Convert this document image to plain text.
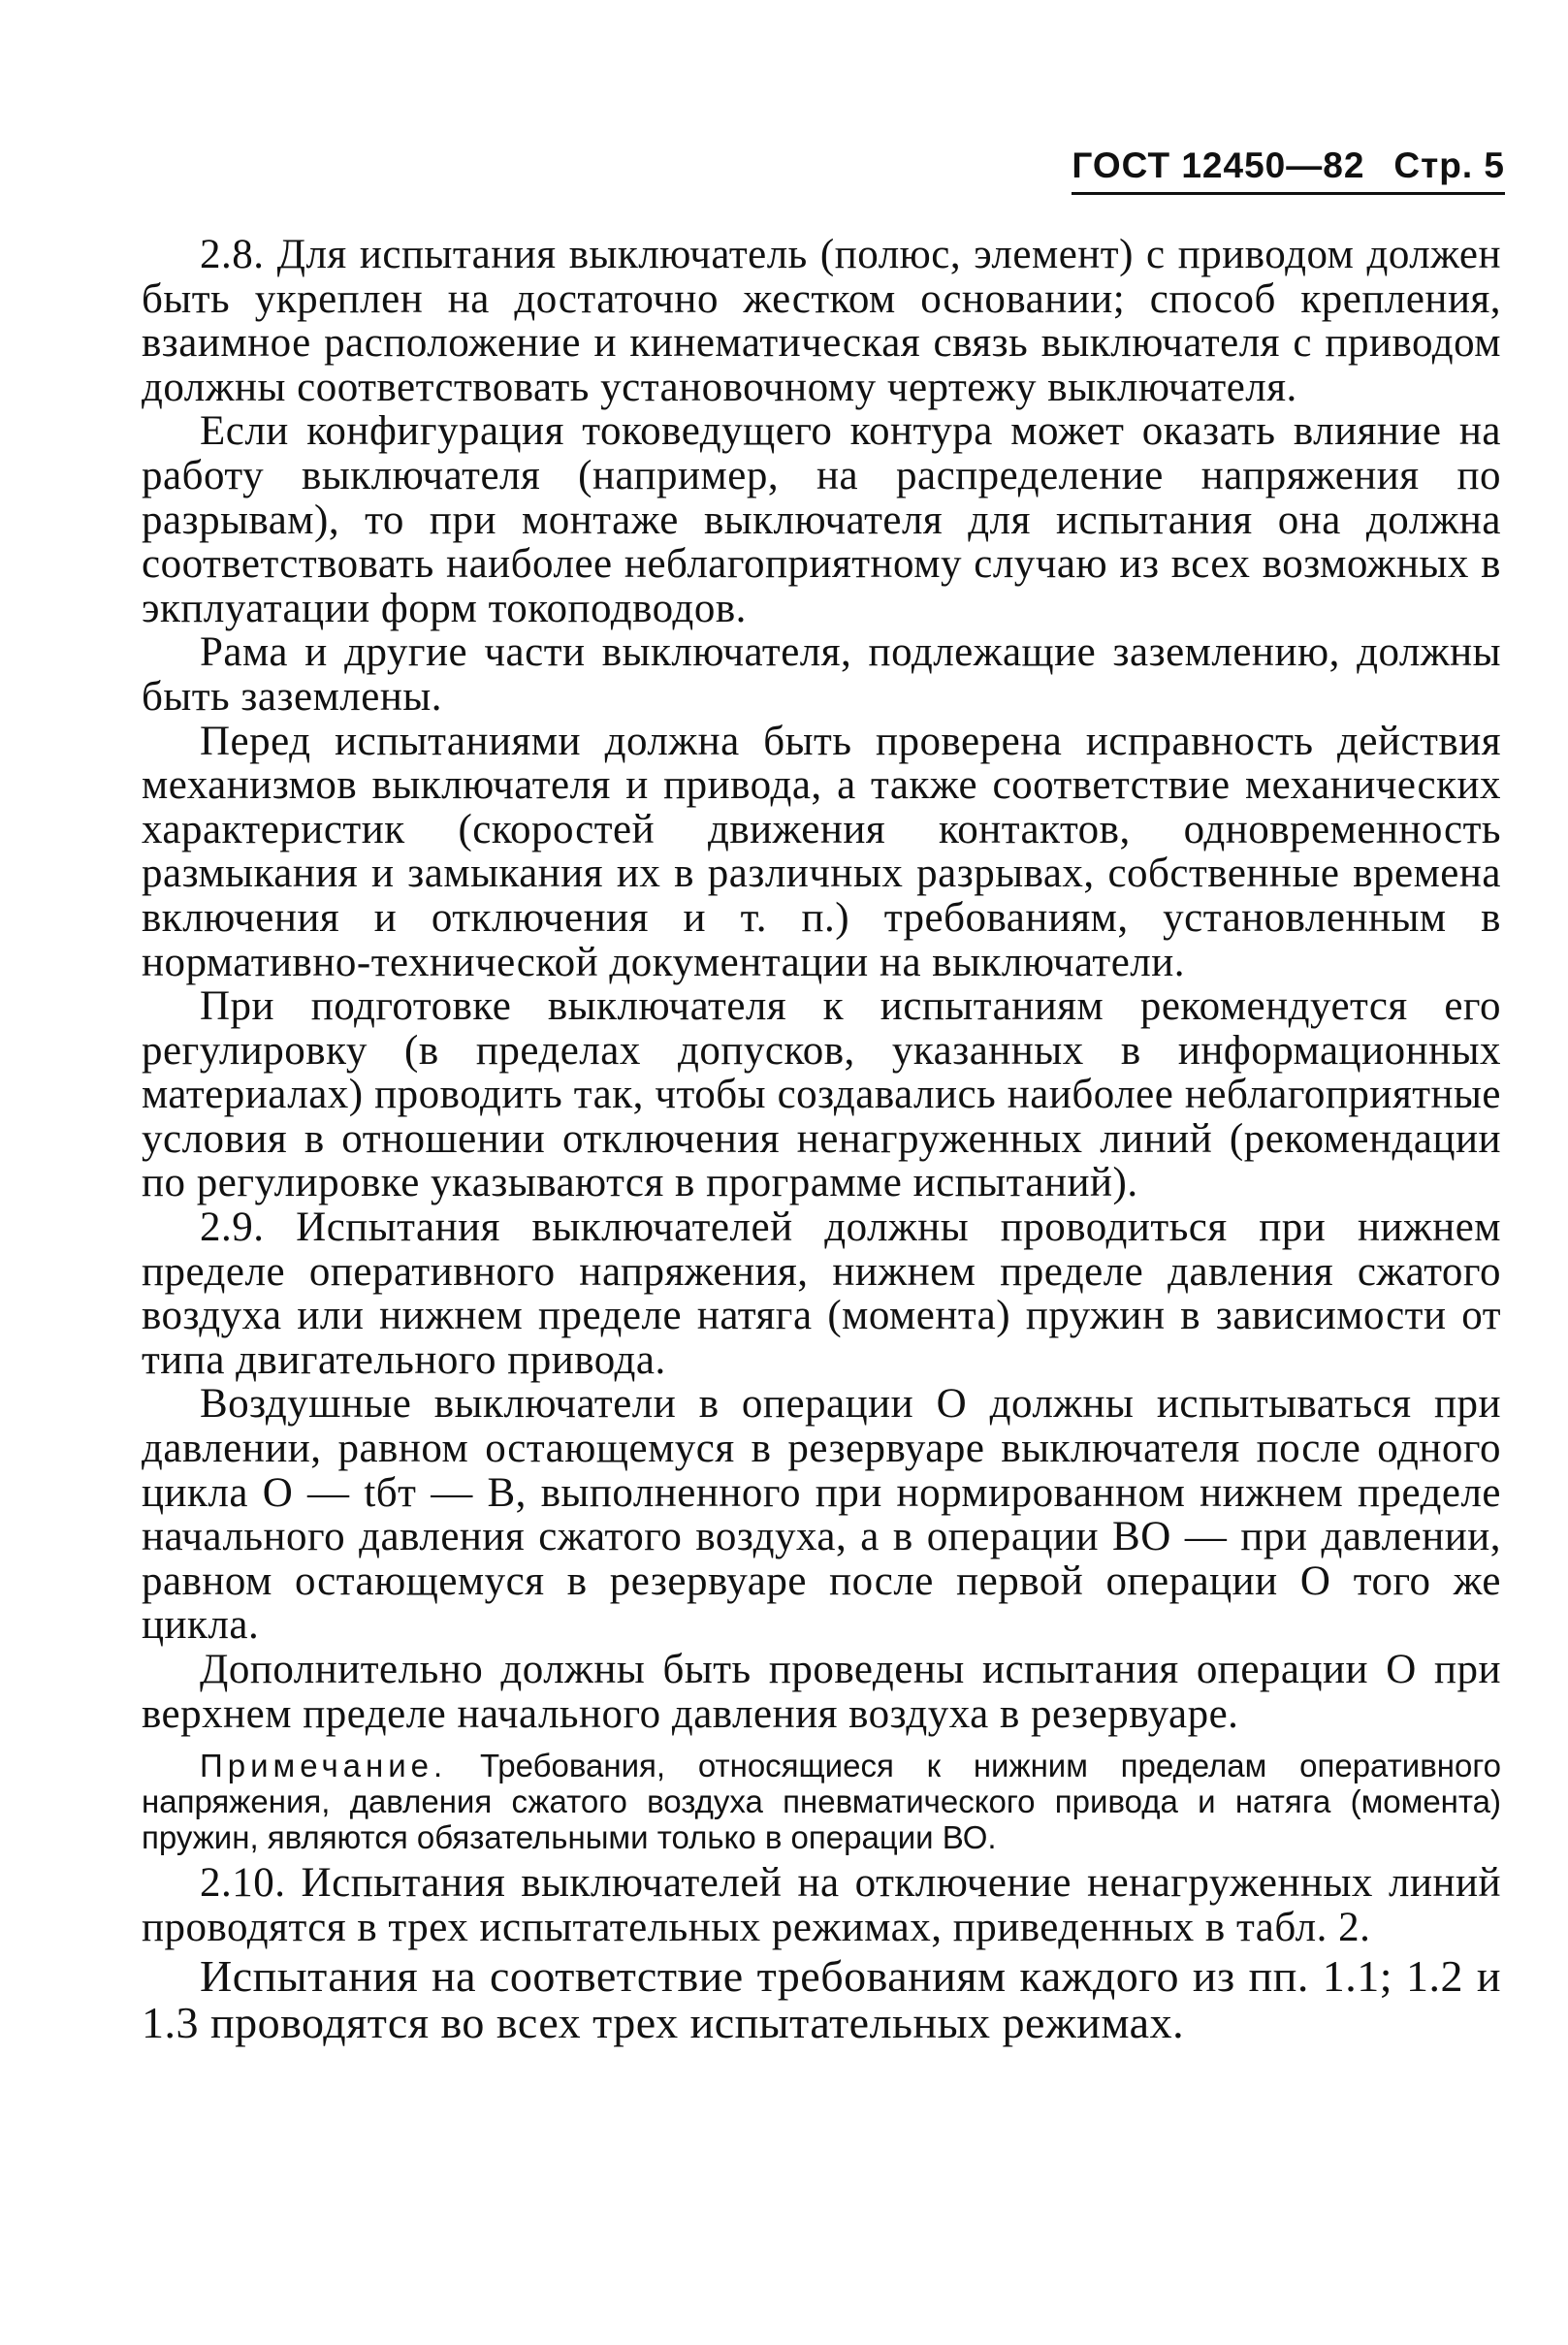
ГОСТ 12450—82 Стр. 5

2.8. Для испытания выключатель (полюс, элемент) с приводом должен быть укреплен на достаточно жестком основании; способ крепления, взаимное расположение и кинематическая связь выключателя с приводом должны соответствовать установочному чертежу выключателя.

Если конфигурация токоведущего контура может оказать влияние на работу выключателя (например, на распределение напряжения по разрывам), то при монтаже выключателя для испытания она должна соответствовать наиболее неблагоприятному случаю из всех возможных в экплуатации форм токоподводов.

Рама и другие части выключателя, подлежащие заземлению, должны быть заземлены.

Перед испытаниями должна быть проверена исправность действия механизмов выключателя и привода, а также соответствие механических характеристик (скоростей движения контактов, одновременность размыкания и замыкания их в различных разрывах, собственные времена включения и отключения и т. п.) требованиям, установленным в нормативно-технической документации на выключатели.

При подготовке выключателя к испытаниям рекомендуется его регулировку (в пределах допусков, указанных в информационных материалах) проводить так, чтобы создавались наиболее неблагоприятные условия в отношении отключения ненагруженных линий (рекомендации по регулировке указываются в программе испытаний).

2.9. Испытания выключателей должны проводиться при нижнем пределе оперативного напряжения, нижнем пределе давления сжатого воздуха или нижнем пределе натяга (момента) пружин в зависимости от типа двигательного привода.

Воздушные выключатели в операции О должны испытываться при давлении, равном остающемуся в резервуаре выключателя после одного цикла О — tбт — В, выполненного при нормированном нижнем пределе начального давления сжатого воздуха, а в операции ВО — при давлении, равном остающемуся в резервуаре после первой операции О того же цикла.

Дополнительно должны быть проведены испытания операции О при верхнем пределе начального давления воздуха в резервуаре.

Примечание. Требования, относящиеся к нижним пределам оперативного напряжения, давления сжатого воздуха пневматического привода и натяга (момента) пружин, являются обязательными только в операции ВО.

2.10. Испытания выключателей на отключение ненагруженных линий проводятся в трех испытательных режимах, приведенных в табл. 2.

Испытания на соответствие требованиям каждого из пп. 1.1; 1.2 и 1.3 проводятся во всех трех испытательных режимах.
